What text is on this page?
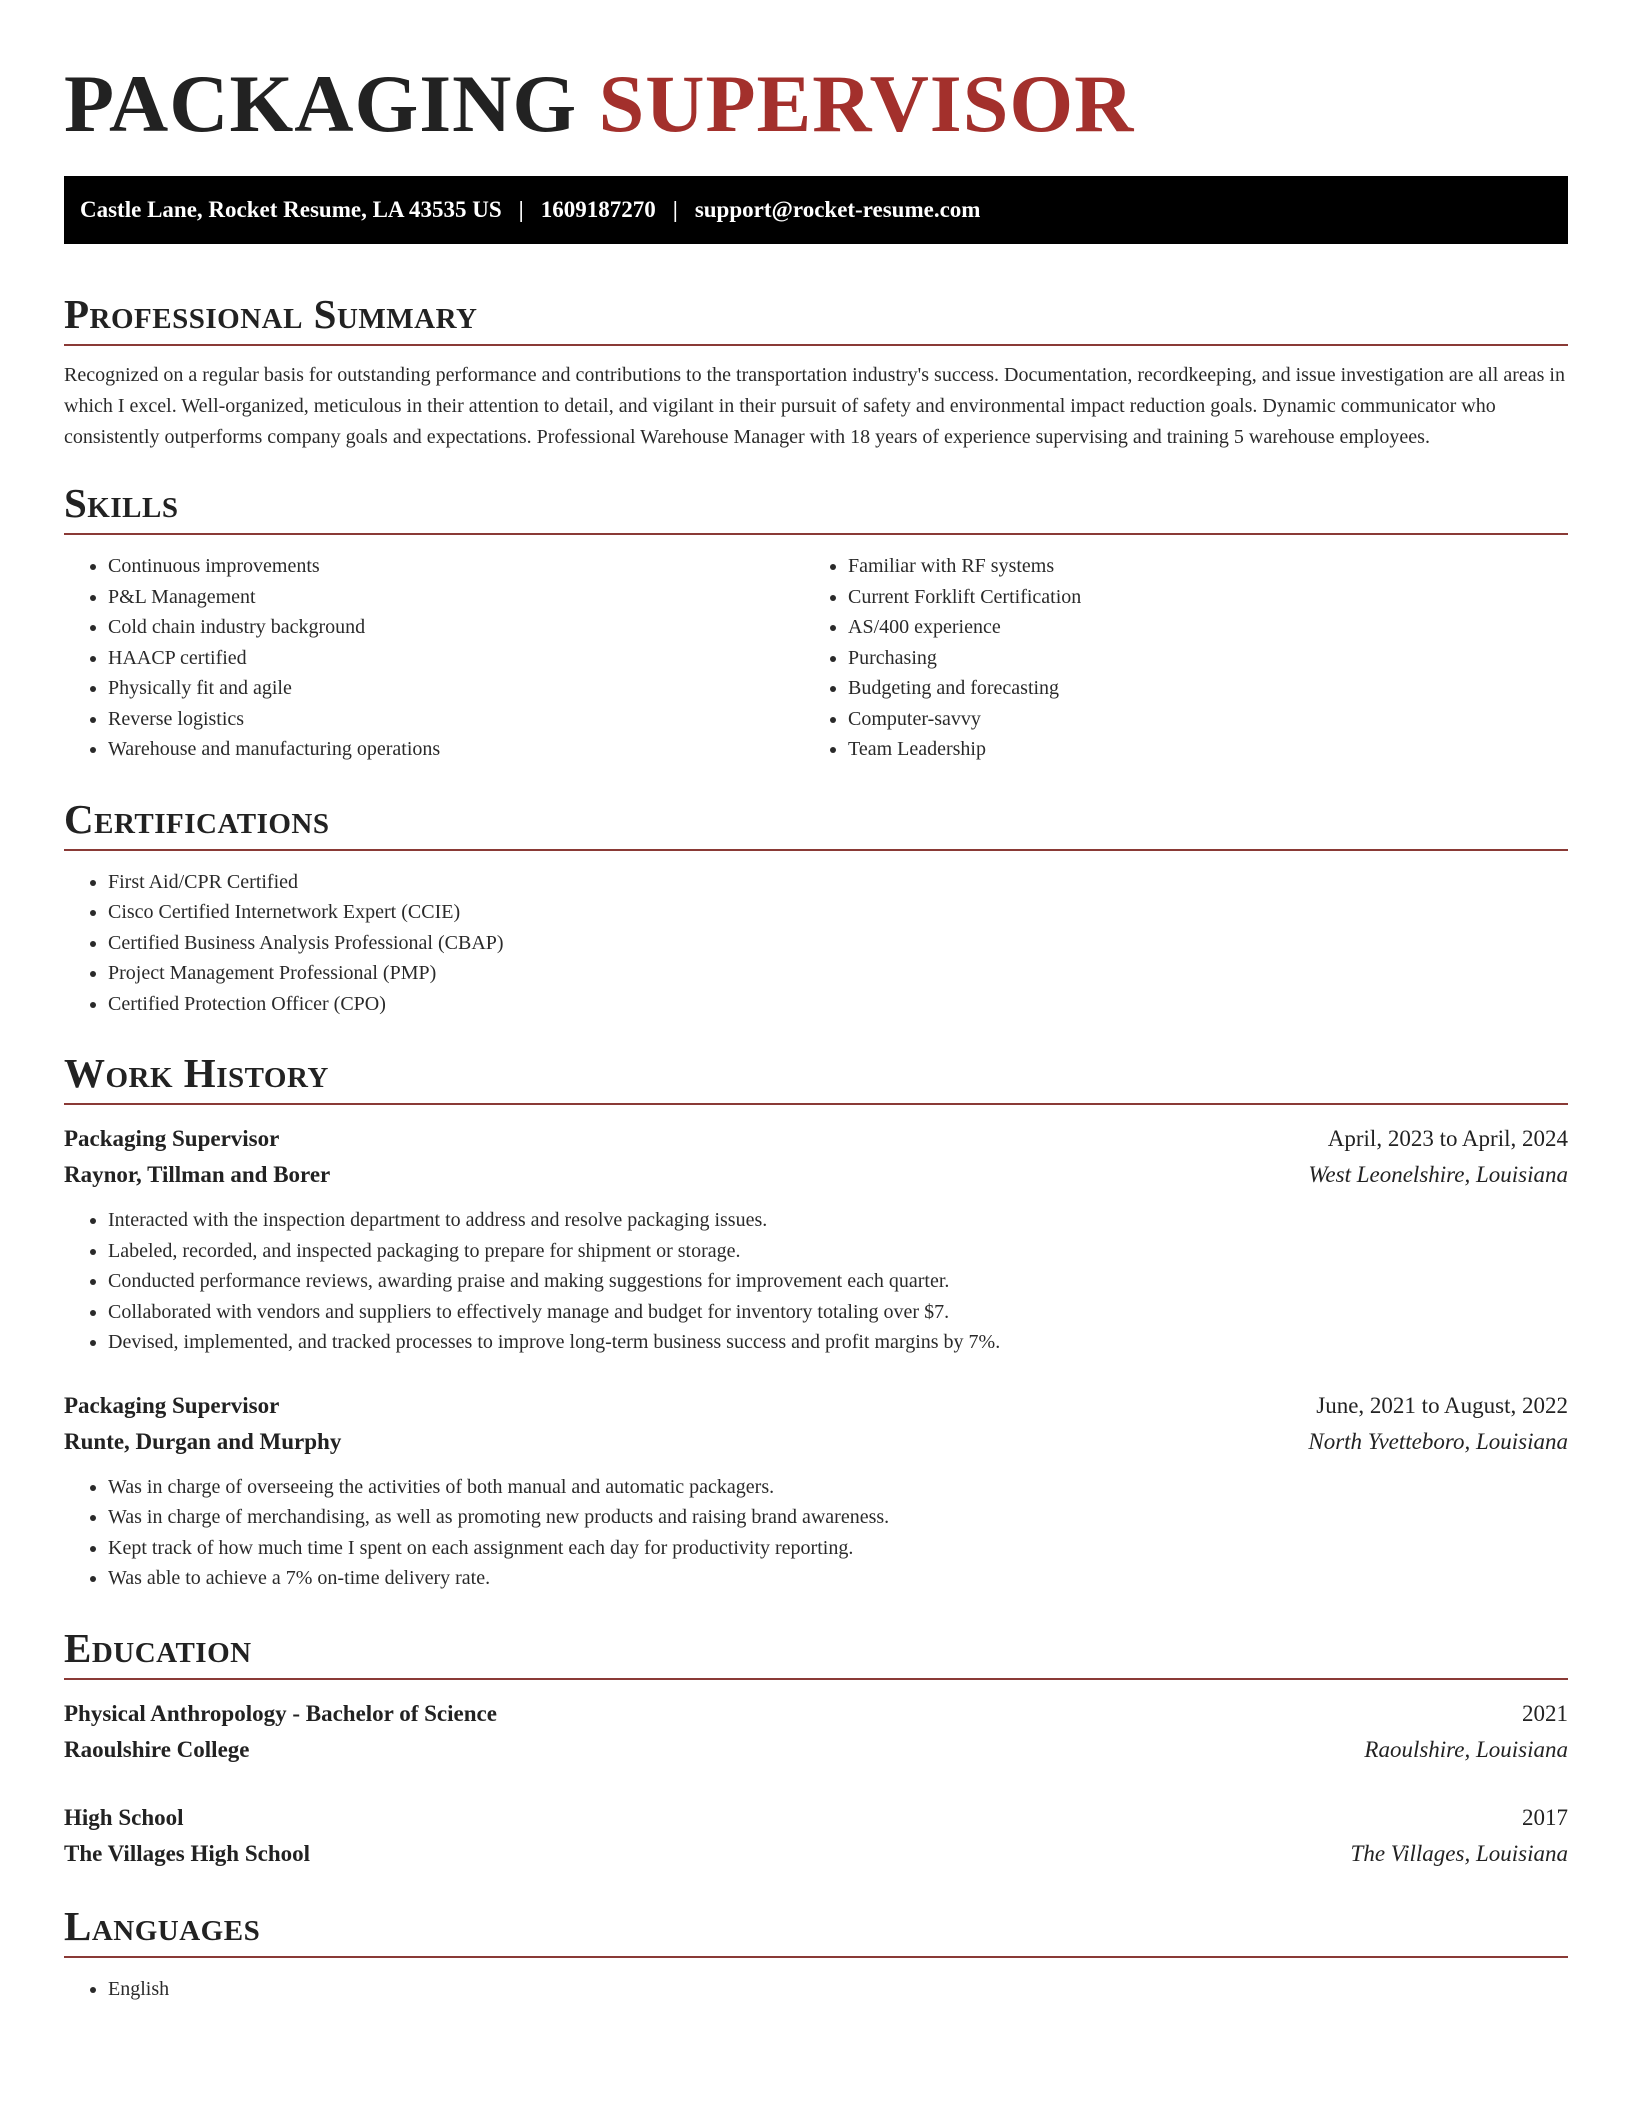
PACKAGING SUPERVISOR
Castle Lane, Rocket Resume, LA 43535 US | 1609187270 | support@rocket-resume.com
Professional Summary

Recognized on a regular basis for outstanding performance and contributions to the transportation industry's success. Documentation, recordkeeping, and issue investigation are all areas in which I excel. Well-organized, meticulous in their attention to detail, and vigilant in their pursuit of safety and environmental impact reduction goals. Dynamic communicator who consistently outperforms company goals and expectations. Professional Warehouse Manager with 18 years of experience supervising and training 5 warehouse employees.

Skills
• Continuous improvements
• P&L Management
• Cold chain industry background
• HAACP certified
• Physically fit and agile
• Reverse logistics
• Warehouse and manufacturing operations
• Familiar with RF systems
• Current Forklift Certification
• AS/400 experience
• Purchasing
• Budgeting and forecasting
• Computer-savvy
• Team Leadership
Certifications
• First Aid/CPR Certified
• Cisco Certified Internetwork Expert (CCIE)
• Certified Business Analysis Professional (CBAP)
• Project Management Professional (PMP)
• Certified Protection Officer (CPO)
Work History
Packaging Supervisor	April, 2023 to April, 2024
Raynor, Tillman and Borer	West Leonelshire, Louisiana
• Interacted with the inspection department to address and resolve packaging issues.
• Labeled, recorded, and inspected packaging to prepare for shipment or storage.
• Conducted performance reviews, awarding praise and making suggestions for improvement each quarter.
• Collaborated with vendors and suppliers to effectively manage and budget for inventory totaling over $7.
• Devised, implemented, and tracked processes to improve long-term business success and profit margins by 7%.
Packaging Supervisor	June, 2021 to August, 2022
Runte, Durgan and Murphy	North Yvetteboro, Louisiana
• Was in charge of overseeing the activities of both manual and automatic packagers.
• Was in charge of merchandising, as well as promoting new products and raising brand awareness.
• Kept track of how much time I spent on each assignment each day for productivity reporting.
• Was able to achieve a 7% on-time delivery rate.
Education
Physical Anthropology - Bachelor of Science	2021
Raoulshire College	Raoulshire, Louisiana
High School	2017
The Villages High School	The Villages, Louisiana
Languages
• English
